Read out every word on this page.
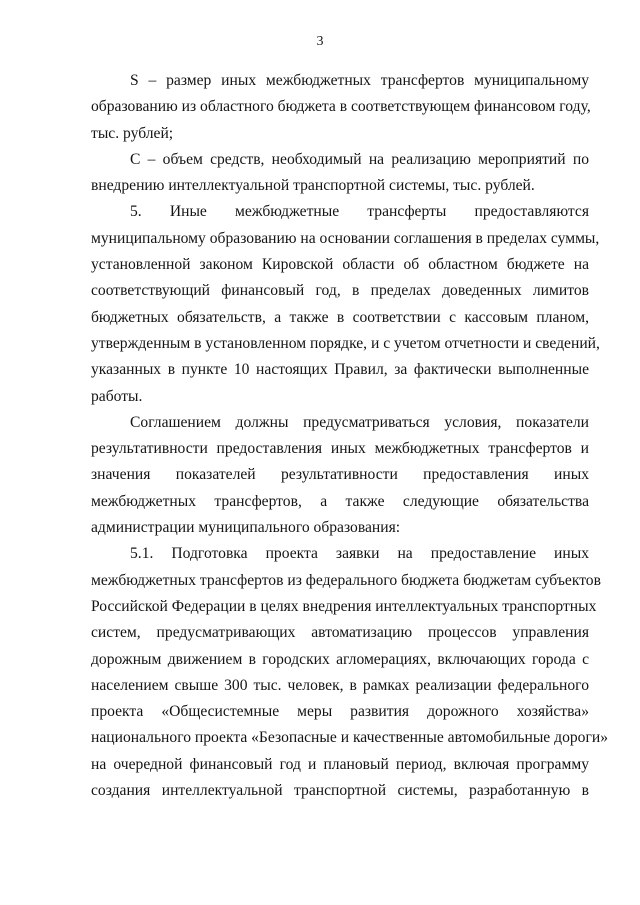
3
S – размер иных межбюджетных трансфертов муниципальному
образованию из областного бюджета в соответствующем финансовом году,
тыс. рублей;
С – объем средств, необходимый на реализацию мероприятий по
внедрению интеллектуальной транспортной системы, тыс. рублей.
5. Иные межбюджетные трансферты предоставляются
муниципальному образованию на основании соглашения в пределах суммы,
установленной законом Кировской области об областном бюджете на
соответствующий финансовый год, в пределах доведенных лимитов
бюджетных обязательств, а также в соответствии с кассовым планом,
утвержденным в установленном порядке, и с учетом отчетности и сведений,
указанных в пункте 10 настоящих Правил, за фактически выполненные
работы.
Соглашением должны предусматриваться условия, показатели
результативности предоставления иных межбюджетных трансфертов и
значения показателей результативности предоставления иных
межбюджетных трансфертов, а также следующие обязательства
администрации муниципального образования:
5.1. Подготовка проекта заявки на предоставление иных
межбюджетных трансфертов из федерального бюджета бюджетам субъектов
Российской Федерации в целях внедрения интеллектуальных транспортных
систем, предусматривающих автоматизацию процессов управления
дорожным движением в городских агломерациях, включающих города с
населением свыше 300 тыс. человек, в рамках реализации федерального
проекта «Общесистемные меры развития дорожного хозяйства»
национального проекта «Безопасные и качественные автомобильные дороги»
на очередной финансовый год и плановый период, включая программу
создания интеллектуальной транспортной системы, разработанную в
